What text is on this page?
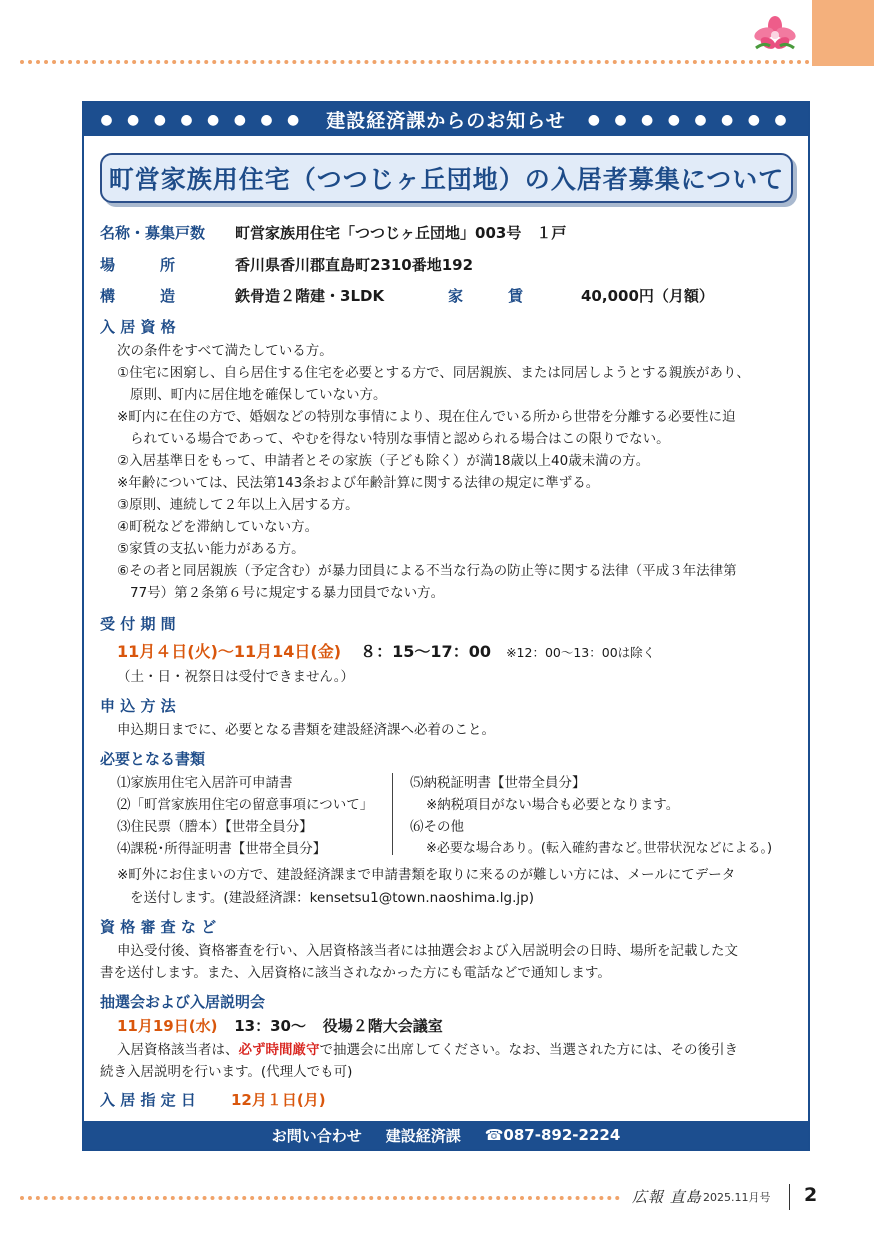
● ● ● ● ● ● ● ● 建設経済課からのお知らせ ● ● ● ● ● ● ● ●
町営家族用住宅（つつじヶ丘団地）の入居者募集について
名称・募集戸数 町営家族用住宅「つつじヶ丘団地」003号　１戸
場　　　所	香川県香川郡直島町2310番地192
構　　　造	鉄骨造２階建・3LDK	家　　　賃	40,000円（月額）
入 居 資 格
次の条件をすべて満たしている方。
①住宅に困窮し、自ら居住する住宅を必要とする方で、同居親族、または同居しようとする親族があり、
原則、町内に居住地を確保していない方。
※町内に在住の方で、婚姻などの特別な事情により、現在住んでいる所から世帯を分離する必要性に迫
られている場合であって、やむを得ない特別な事情と認められる場合はこの限りでない。
②入居基準日をもって、申請者とその家族（子ども除く）が満18歳以上40歳未満の方。
※年齢については、民法第143条および年齢計算に関する法律の規定に準ずる。
③原則、連続して２年以上入居する方。
④町税などを滞納していない方。
⑤家賃の支払い能力がある方。
⑥その者と同居親族（予定含む）が暴力団員による不当な行為の防止等に関する法律（平成３年法律第
77号）第２条第６号に規定する暴力団員でない方。
受 付 期 間
11月４日(火)～11月14日(金) ８：15～17：00 ※12：00～13：00は除く
（土・日・祝祭日は受付できません。）
申 込 方 法
申込期日までに、必要となる書類を建設経済課へ必着のこと。
必要となる書類
⑴家族用住宅入居許可申請書
⑵「町営家族用住宅の留意事項について」
⑶住民票（謄本）【世帯全員分】
⑷課税･所得証明書【世帯全員分】
⑸納税証明書【世帯全員分】
※納税項目がない場合も必要となります。
⑹その他
※必要な場合あり。(転入確約書など｡世帯状況などによる｡)
※町外にお住まいの方で、建設経済課まで申請書類を取りに来るのが難しい方には、メールにてデータ
を送付します。(建設経済課：kensetsu1@town.naoshima.lg.jp)
資 格 審 査 な ど
申込受付後、資格審査を行い、入居資格該当者には抽選会および入居説明会の日時、場所を記載した文
書を送付します。また、入居資格に該当されなかった方にも電話などで通知します。
抽選会および入居説明会
11月19日(水) 13：30～ 役場２階大会議室
入居資格該当者は、必ず時間厳守で抽選会に出席してください。なお、当選された方には、その後引き
続き入居説明を行います。(代理人でも可)
入 居 指 定 日 12月１日(月)
お問い合わせ 建設経済課 ☎087-892-2224
広報 直島 2025.11月号 2
